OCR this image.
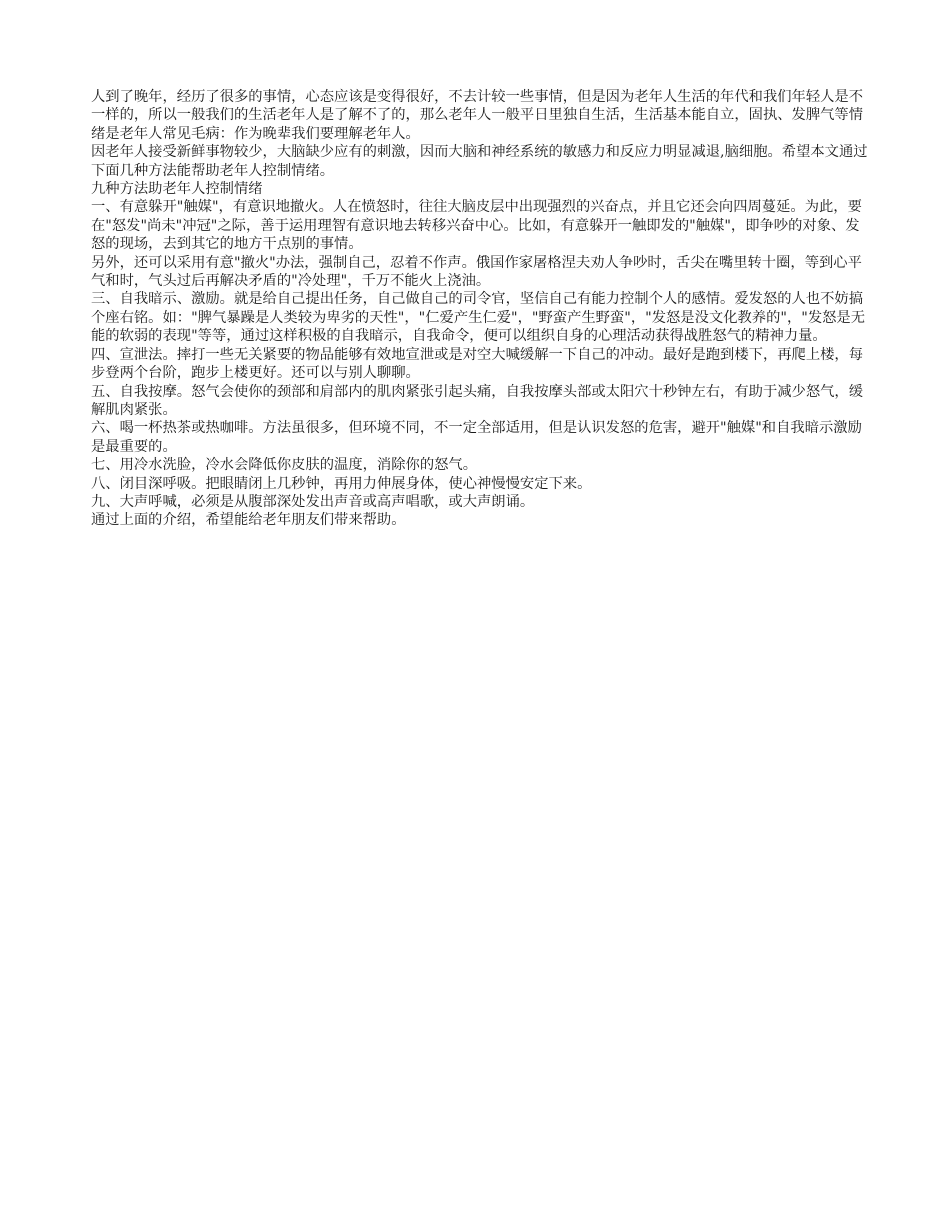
人到了晚年，经历了很多的事情，心态应该是变得很好，不去计较一些事情，但是因为老年人生活的年代和我们年轻人是不一样的，所以一般我们的生活老年人是了解不了的，那么老年人一般平日里独自生活，生活基本能自立，固执、发脾气等情绪是老年人常见毛病：作为晚辈我们要理解老年人。

因老年人接受新鲜事物较少，大脑缺少应有的刺激，因而大脑和神经系统的敏感力和反应力明显减退,脑细胞。希望本文通过下面几种方法能帮助老年人控制情绪。

九种方法助老年人控制情绪

一、有意躲开"触媒"，有意识地撤火。人在愤怒时，往往大脑皮层中出现强烈的兴奋点，并且它还会向四周蔓延。为此，要在"怒发"尚未"冲冠"之际，善于运用理智有意识地去转移兴奋中心。比如，有意躲开一触即发的"触媒"，即争吵的对象、发怒的现场，去到其它的地方干点别的事情。

另外，还可以采用有意"撤火"办法，强制自己，忍着不作声。俄国作家屠格涅夫劝人争吵时，舌尖在嘴里转十圈，等到心平气和时，气头过后再解决矛盾的"冷处理"，千万不能火上浇油。

三、自我暗示、激励。就是给自己提出任务，自己做自己的司令官，坚信自己有能力控制个人的感情。爱发怒的人也不妨搞个座右铭。如："脾气暴躁是人类较为卑劣的天性"，"仁爱产生仁爱"，"野蛮产生野蛮"，"发怒是没文化教养的"，"发怒是无能的软弱的表现"等等，通过这样积极的自我暗示，自我命令，便可以组织自身的心理活动获得战胜怒气的精神力量。

四、宣泄法。摔打一些无关紧要的物品能够有效地宣泄或是对空大喊缓解一下自己的冲动。最好是跑到楼下，再爬上楼，每步登两个台阶，跑步上楼更好。还可以与别人聊聊。

五、自我按摩。怒气会使你的颈部和肩部内的肌肉紧张引起头痛，自我按摩头部或太阳穴十秒钟左右，有助于减少怒气，缓解肌肉紧张。

六、喝一杯热茶或热咖啡。方法虽很多，但环境不同，不一定全部适用，但是认识发怒的危害，避开"触媒"和自我暗示激励是最重要的。

七、用冷水洗脸，冷水会降低你皮肤的温度，消除你的怒气。

八、闭目深呼吸。把眼睛闭上几秒钟，再用力伸展身体，使心神慢慢安定下来。

九、大声呼喊，必须是从腹部深处发出声音或高声唱歌，或大声朗诵。

通过上面的介绍，希望能给老年朋友们带来帮助。
